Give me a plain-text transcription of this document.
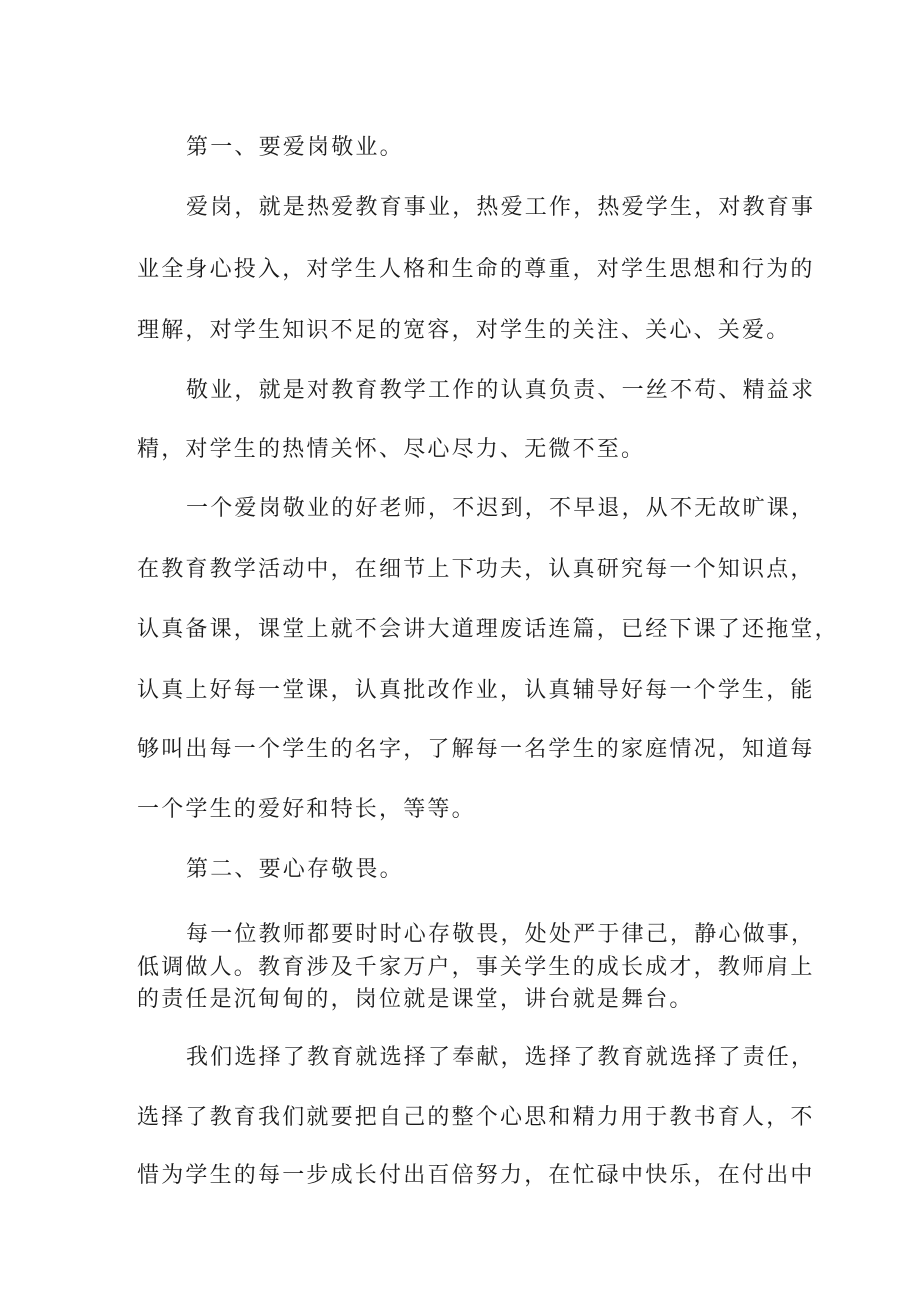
第一、要爱岗敬业。
爱岗，就是热爱教育事业，热爱工作，热爱学生，对教育事
业全身心投入，对学生人格和生命的尊重，对学生思想和行为的
理解，对学生知识不足的宽容，对学生的关注、关心、关爱。
敬业，就是对教育教学工作的认真负责、一丝不苟、精益求
精，对学生的热情关怀、尽心尽力、无微不至。
一个爱岗敬业的好老师，不迟到，不早退，从不无故旷课，
在教育教学活动中，在细节上下功夫，认真研究每一个知识点，
认真备课，课堂上就不会讲大道理废话连篇，已经下课了还拖堂，
认真上好每一堂课，认真批改作业，认真辅导好每一个学生，能
够叫出每一个学生的名字，了解每一名学生的家庭情况，知道每
一个学生的爱好和特长，等等。
第二、要心存敬畏。
每一位教师都要时时心存敬畏，处处严于律己，静心做事，
低调做人。教育涉及千家万户，事关学生的成长成才，教师肩上
的责任是沉甸甸的，岗位就是课堂，讲台就是舞台。
我们选择了教育就选择了奉献，选择了教育就选择了责任，
选择了教育我们就要把自己的整个心思和精力用于教书育人，不
惜为学生的每一步成长付出百倍努力，在忙碌中快乐，在付出中
